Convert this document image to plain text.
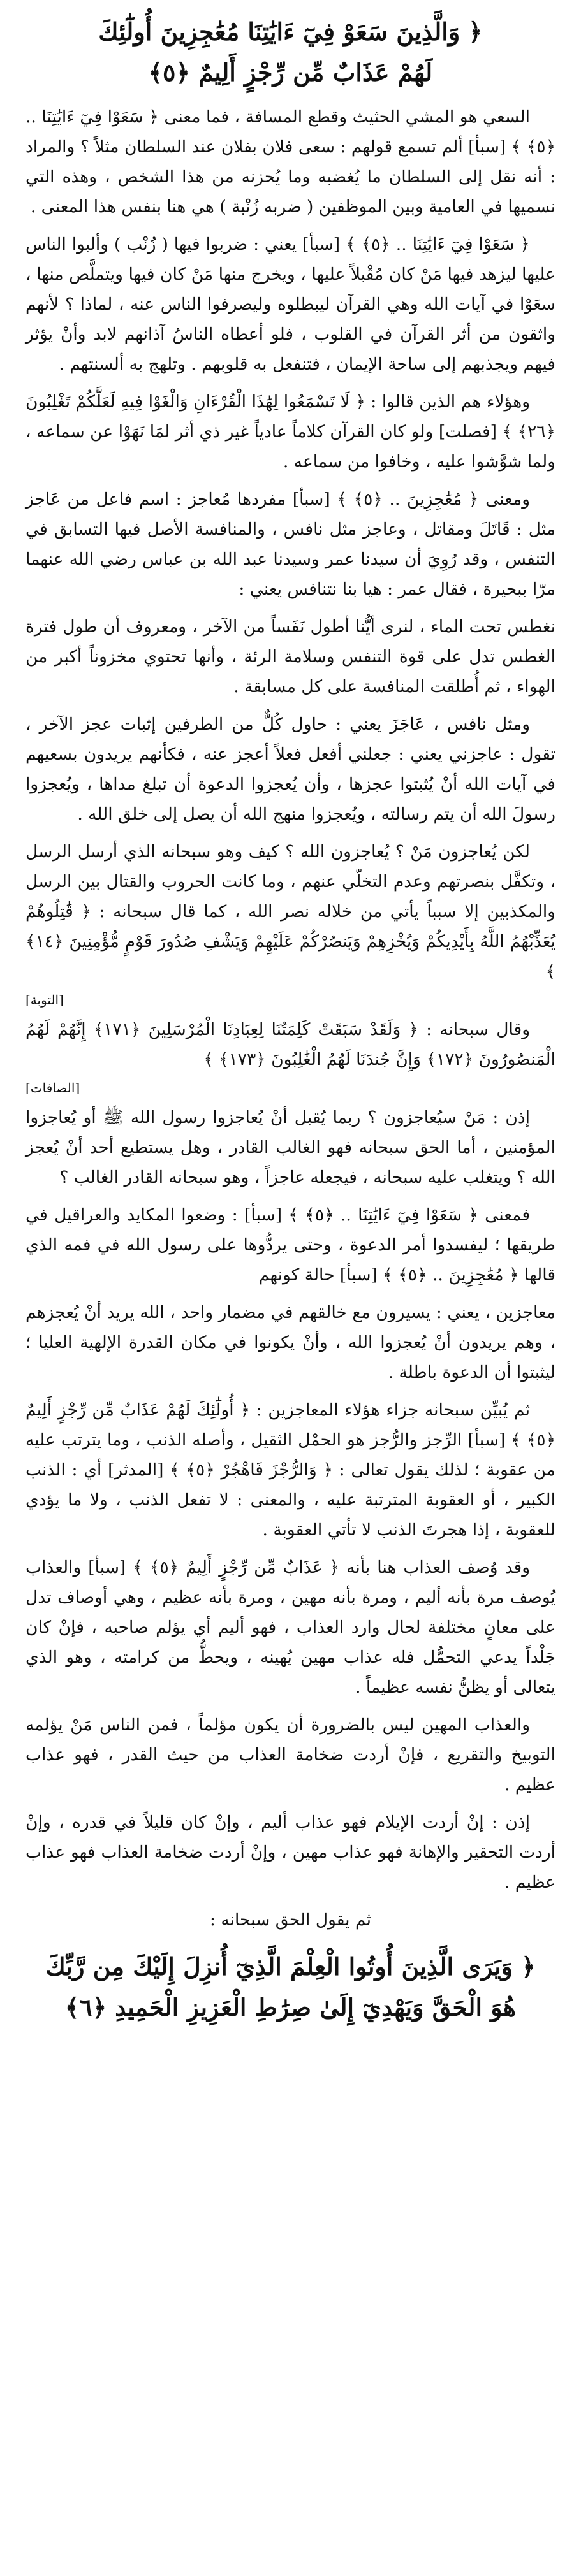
﴿ وَالَّذِينَ سَعَوْ فِيٓ ءَايَٰتِنَا مُعَٰجِزِينَ أُولَٰٓئِكَ
لَهُمْ عَذَابٌ مِّن رِّجْزٍ أَلِيمٌ ﴿٥﴾

السعي هو المشي الحثيث وقطع المسافة ، فما معنى ﴿ سَعَوْا فِيٓ ءَايَٰتِنَا .. ﴿٥﴾ ﴾ [سبأ] ألم تسمع قولهم : سعى فلان بفلان عند السلطان مثلاً ؟ والمراد : أنه نقل إلى السلطان ما يُغضبه وما يُحزنه من هذا الشخص ، وهذه التي نسميها في العامية وبين الموظفين ( ضربه زُنْبة ) هي هنا بنفس هذا المعنى .

﴿ سَعَوْا فِيٓ ءَايَٰتِنَا .. ﴿٥﴾ ﴾ [سبأ] يعني : ضربوا فيها ( زُنْب ) وألبوا الناس عليها ليزهد فيها مَنْ كان مُقْبلاً عليها ، ويخرج منها مَنْ كان فيها ويتملَّص منها ، سعَوْا في آيات الله وهي القرآن ليبطلوه وليصرفوا الناس عنه ، لماذا ؟ لأنهم واثقون من أثر القرآن في القلوب ، فلو أعطاه الناسُ آذانهم لابد وأنْ يؤثر فيهم ويجذبهم إلى ساحة الإيمان ، فتنفعل به قلوبهم . وتلهج به ألسنتهم .

وهؤلاء هم الذين قالوا : ﴿ لَا تَسْمَعُوا لِهَٰذَا الْقُرْءَانِ وَالْغَوْا فِيهِ لَعَلَّكُمْ تَغْلِبُونَ ﴿٢٦﴾ ﴾ [فصلت] ولو كان القرآن كلاماً عادياً غير ذي أثر لمَا نَهَوْا عن سماعه ، ولما شوَّشوا عليه ، وخافوا من سماعه .

ومعنى ﴿ مُعَٰجِزِينَ .. ﴿٥﴾ ﴾ [سبأ] مفردها مُعاجز : اسم فاعل من عَاجز مثل : قَاتَلَ ومقاتل ، وعاجز مثل نافس ، والمنافسة الأصل فيها التسابق في التنفس ، وقد رُوِيَ أن سيدنا عمر وسيدنا عبد الله بن عباس رضي الله عنهما مرّا ببحيرة ، فقال عمر : هيا بنا نتنافس يعني :

نغطس تحت الماء ، لنرى أيُّنا أطول نَفَساً من الآخر ، ومعروف أن طول فترة الغطس تدل على قوة التنفس وسلامة الرئة ، وأنها تحتوي مخزوناً أكبر من الهواء ، ثم أُطلقت المنافسة على كل مسابقة .

ومثل نافس ، عَاجَزَ يعني : حاول كُلٌّ من الطرفين إثبات عجز الآخر ، تقول : عاجزني يعني : جعلني أفعل فعلاً أعجز عنه ، فكأنهم يريدون بسعيهم في آيات الله أنْ يُثبتوا عجزها ، وأن يُعجزوا الدعوة أن تبلغ مداها ، ويُعجزوا رسولَ الله أن يتم رسالته ، ويُعجزوا منهج الله أن يصل إلى خلق الله .

لكن يُعاجزون مَنْ ؟ يُعاجزون الله ؟ كيف وهو سبحانه الذي أرسل الرسل ، وتكفَّل بنصرتهم وعدم التخلّي عنهم ، وما كانت الحروب والقتال بين الرسل والمكذبين إلا سبباً يأتي من خلاله نصر الله ، كما قال سبحانه : ﴿ قَٰتِلُوهُمْ يُعَذِّبْهُمُ اللَّهُ بِأَيْدِيكُمْ وَيُخْزِهِمْ وَيَنصُرْكُمْ عَلَيْهِمْ وَيَشْفِ صُدُورَ قَوْمٍ مُّؤْمِنِينَ ﴿١٤﴾ ﴾

[التوبة]

وقال سبحانه : ﴿ وَلَقَدْ سَبَقَتْ كَلِمَتُنَا لِعِبَادِنَا الْمُرْسَلِينَ ﴿١٧١﴾ إِنَّهُمْ لَهُمُ الْمَنصُورُونَ ﴿١٧٢﴾ وَإِنَّ جُندَنَا لَهُمُ الْغَٰلِبُونَ ﴿١٧٣﴾ ﴾

[الصافات]

إذن : مَنْ سيُعاجزون ؟ ربما يُقبل أنْ يُعاجزوا رسول الله ﷺ أو يُعاجزوا المؤمنين ، أما الحق سبحانه فهو الغالب القادر ، وهل يستطيع أحد أنْ يُعجز الله ؟ ويتغلب عليه سبحانه ، فيجعله عاجزاً ، وهو سبحانه القادر الغالب ؟

فمعنى ﴿ سَعَوْا فِيٓ ءَايَٰتِنَا .. ﴿٥﴾ ﴾ [سبأ] : وضعوا المكايد والعراقيل في طريقها ؛ ليفسدوا أمر الدعوة ، وحتى يردُّوها على رسول الله في فمه الذي قالها ﴿ مُعَٰجِزِينَ .. ﴿٥﴾ ﴾ [سبأ] حالة كونهم

معاجزين ، يعني : يسيرون مع خالقهم في مضمار واحد ، الله يريد أنْ يُعجزهم ، وهم يريدون أنْ يُعجزوا الله ، وأنْ يكونوا في مكان القدرة الإلهية العليا ؛ ليثبتوا أن الدعوة باطلة .

ثم يُبيِّن سبحانه جزاء هؤلاء المعاجزين : ﴿ أُولَٰٓئِكَ لَهُمْ عَذَابٌ مِّن رِّجْزٍ أَلِيمٌ ﴿٥﴾ ﴾ [سبأ] الرِّجز والرُّجز هو الحمْل الثقيل ، وأصله الذنب ، وما يترتب عليه من عقوبة ؛ لذلك يقول تعالى : ﴿ وَالرُّجْزَ فَاهْجُرْ ﴿٥﴾ ﴾ [المدثر] أي : الذنب الكبير ، أو العقوبة المترتبة عليه ، والمعنى : لا تفعل الذنب ، ولا ما يؤدي للعقوبة ، إذا هجرتَ الذنب لا تأتي العقوبة .

وقد وُصف العذاب هنا بأنه ﴿ عَذَابٌ مِّن رِّجْزٍ أَلِيمٌ ﴿٥﴾ ﴾ [سبأ] والعذاب يُوصف مرة بأنه أليم ، ومرة بأنه مهين ، ومرة بأنه عظيم ، وهي أوصاف تدل على معانٍ مختلفة لحال وارد العذاب ، فهو أليم أي يؤلم صاحبه ، فإنْ كان جَلْداً يدعي التحمُّل فله عذاب مهين يُهينه ، ويحطُّ من كرامته ، وهو الذي يتعالى أو يظنُّ نفسه عظيماً .

والعذاب المهين ليس بالضرورة أن يكون مؤلماً ، فمن الناس مَنْ يؤلمه التوبيخ والتقريع ، فإنْ أردت ضخامة العذاب من حيث القدر ، فهو عذاب عظيم .

إذن : إنْ أردت الإيلام فهو عذاب أليم ، وإنْ كان قليلاً في قدره ، وإنْ أردت التحقير والإهانة فهو عذاب مهين ، وإنْ أردت ضخامة العذاب فهو عذاب عظيم .

ثم يقول الحق سبحانه :

﴿ وَيَرَى الَّذِينَ أُوتُوا الْعِلْمَ الَّذِيٓ أُنزِلَ إِلَيْكَ مِن رَّبِّكَ
هُوَ الْحَقَّ وَيَهْدِيٓ إِلَىٰ صِرَٰطِ الْعَزِيزِ الْحَمِيدِ ﴿٦﴾
